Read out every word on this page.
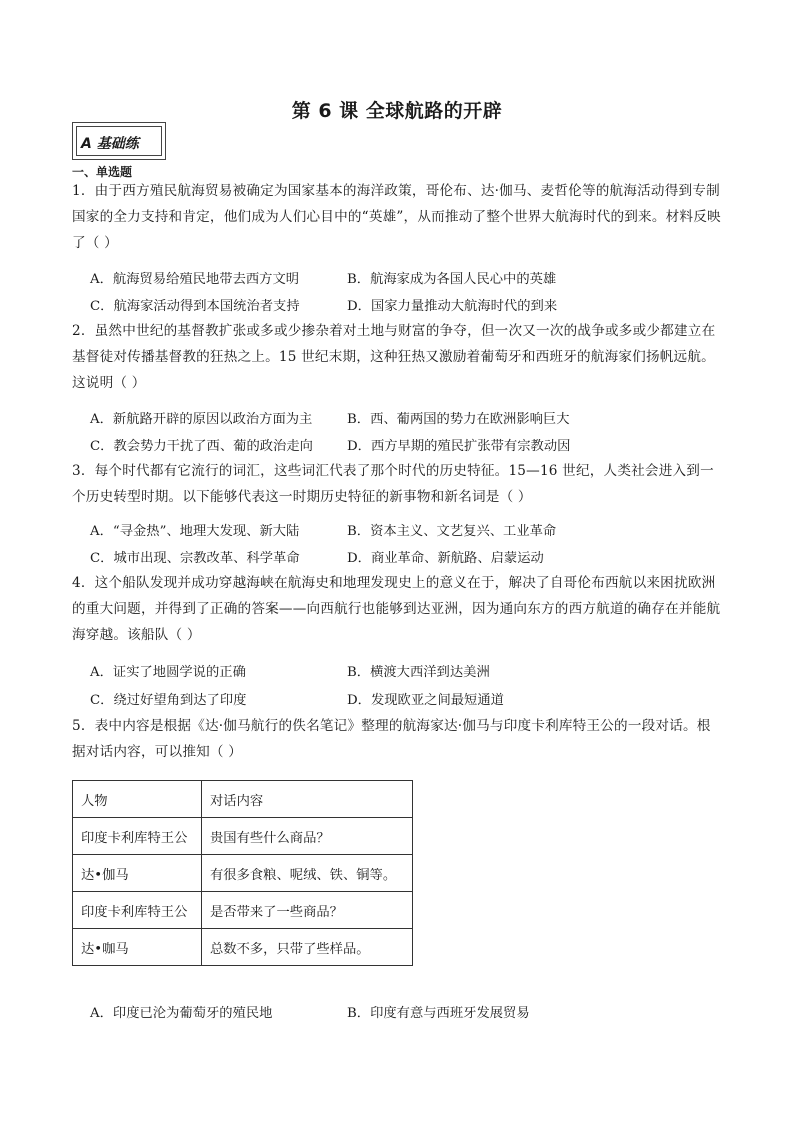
第 6 课 全球航路的开辟
A 基础练
一、单选题
1．由于西方殖民航海贸易被确定为国家基本的海洋政策，哥伦布、达·伽马、麦哲伦等的航海活动得到专制国家的全力支持和肯定，他们成为人们心目中的“英雄”，从而推动了整个世界大航海时代的到来。材料反映了（ ）
A．航海贸易给殖民地带去西方文明	B．航海家成为各国人民心中的英雄
C．航海家活动得到本国统治者支持	D．国家力量推动大航海时代的到来
2．虽然中世纪的基督教扩张或多或少掺杂着对土地与财富的争夺，但一次又一次的战争或多或少都建立在基督徒对传播基督教的狂热之上。15 世纪末期，这种狂热又激励着葡萄牙和西班牙的航海家们扬帆远航。这说明（ ）
A．新航路开辟的原因以政治方面为主	B．西、葡两国的势力在欧洲影响巨大
C．教会势力干扰了西、葡的政治走向	D．西方早期的殖民扩张带有宗教动因
3．每个时代都有它流行的词汇，这些词汇代表了那个时代的历史特征。15—16 世纪，人类社会进入到一个历史转型时期。以下能够代表这一时期历史特征的新事物和新名词是（ ）
A．“寻金热”、地理大发现、新大陆	B．资本主义、文艺复兴、工业革命
C．城市出现、宗教改革、科学革命	D．商业革命、新航路、启蒙运动
4．这个船队发现并成功穿越海峡在航海史和地理发现史上的意义在于，解决了自哥伦布西航以来困扰欧洲的重大问题，并得到了正确的答案——向西航行也能够到达亚洲，因为通向东方的西方航道的确存在并能航海穿越。该船队（ ）
A．证实了地圆学说的正确	B．横渡大西洋到达美洲
C．绕过好望角到达了印度	D．发现欧亚之间最短通道
5．表中内容是根据《达·伽马航行的佚名笔记》整理的航海家达·伽马与印度卡利库特王公的一段对话。根据对话内容，可以推知（ ）
人物	对话内容
印度卡利库特王公	贵国有些什么商品？
达•伽马	有很多食粮、呢绒、铁、铜等。
印度卡利库特王公	是否带来了一些商品？
达•咖马	总数不多，只带了些样品。
A．印度已沦为葡萄牙的殖民地	B．印度有意与西班牙发展贸易
